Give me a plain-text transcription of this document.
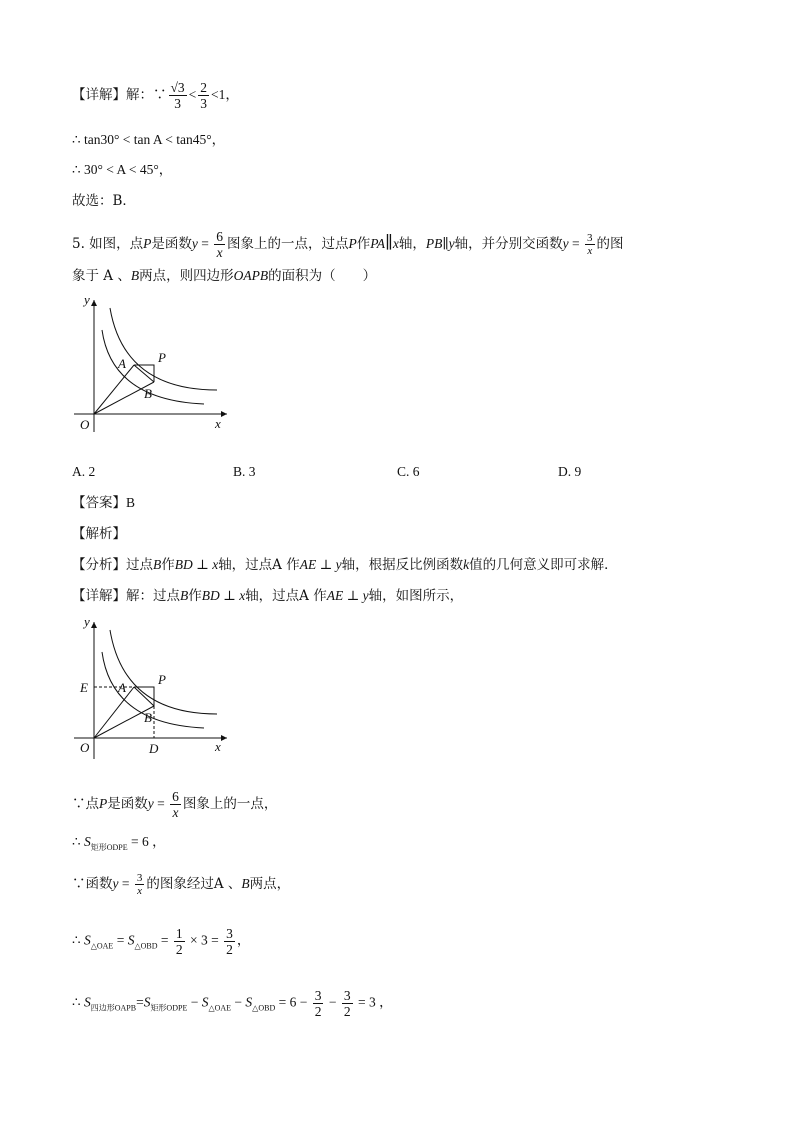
【详解】解：∵ $\frac{√3}{3} < \frac{2}{3} <1$，
∴ tan30° < tan A < tan45°，
∴ 30° < A < 45°，
故选：B．
5. 如图，点P是函数$y = \frac{6}{x}$ 图象上的一点，过点P作PA∥x轴，PB∥y轴，并分别交函数$y = \frac{3}{x}$ 的图
象于 A 、B两点，则四边形OAPB的面积为（　　）
y
x
O
A P
B
A. 2	B. 3	C. 6	D. 9
【答案】B
【解析】
【分析】过点B作BD ⊥ x轴，过点A 作AE ⊥ y轴，根据反比例函数k值的几何意义即可求解．
【详解】解：过点B作BD ⊥ x轴，过点A 作AE ⊥ y轴，如图所示，
y
x
O
E A
P
B
D
∵点P是函数$y = \frac{6}{x}$ 图象上的一点，
∴ $S_{矩形ODPE} = 6$ ，
∵函数$y = \frac{3}{x}$ 的图象经过A 、B两点，
∴ $S_{\triangle OAE} = S_{\triangle OBD} = \frac{1}{2} \times 3 = \frac{3}{2}$ ，
∴ $S_{四边形OAPB}=S_{矩形ODPE} - S_{\triangle OAE} - S_{\triangle OBD} = 6 - \frac{3}{2} - \frac{3}{2} = 3$ ，
